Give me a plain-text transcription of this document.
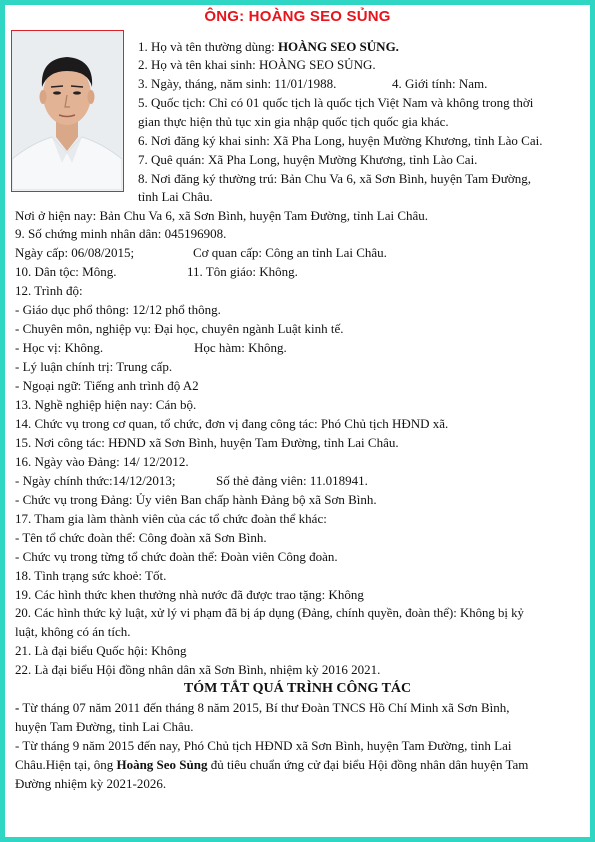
ÔNG: HOÀNG SEO SỦNG
1. Họ và tên thường dùng: HOÀNG SEO SỦNG.
2. Họ và tên khai sinh: HOÀNG SEO SỦNG.
3. Ngày, tháng, năm sinh: 11/01/1988.	4. Giới tính: Nam.
5. Quốc tịch: Chỉ có 01 quốc tịch là quốc tịch Việt Nam và không trong thời
gian thực hiện thủ tục xin gia nhập quốc tịch quốc gia khác.
6. Nơi đăng ký khai sinh: Xã Pha Long, huyện Mường Khương, tỉnh Lào Cai.
7. Quê quán: Xã Pha Long, huyện Mường Khương, tỉnh Lào Cai.
8. Nơi đăng ký thường trú: Bản Chu Va 6, xã Sơn Bình, huyện Tam Đường,
tỉnh Lai Châu.
Nơi ở hiện nay: Bản Chu Va 6, xã Sơn Bình, huyện Tam Đường, tỉnh Lai Châu.
9. Số chứng minh nhân dân: 045196908.
Ngày cấp: 06/08/2015;	Cơ quan cấp: Công an tỉnh Lai Châu.
10. Dân tộc: Mông.	11. Tôn giáo: Không.
12. Trình độ:
- Giáo dục phổ thông: 12/12 phổ thông.
- Chuyên môn, nghiệp vụ: Đại học, chuyên ngành Luật kinh tế.
- Học vị: Không.	Học hàm: Không.
- Lý luận chính trị: Trung cấp.
- Ngoại ngữ: Tiếng anh trình độ A2
13. Nghề nghiệp hiện nay: Cán bộ.
14. Chức vụ trong cơ quan, tổ chức, đơn vị đang công tác: Phó Chủ tịch HĐND xã.
15. Nơi công tác: HĐND xã Sơn Bình, huyện Tam Đường, tỉnh Lai Châu.
16. Ngày vào Đảng: 14/ 12/2012.
- Ngày chính thức:14/12/2013;	Số thẻ đảng viên: 11.018941.
- Chức vụ trong Đảng: Ủy viên Ban chấp hành Đảng bộ xã Sơn Bình.
17. Tham gia làm thành viên của các tổ chức đoàn thể khác:
- Tên tổ chức đoàn thể: Công đoàn xã Sơn Bình.
- Chức vụ trong từng tổ chức đoàn thể: Đoàn viên Công đoàn.
18. Tình trạng sức khoẻ: Tốt.
19. Các hình thức khen thưởng nhà nước đã được trao tặng: Không
20. Các hình thức kỷ luật, xử lý vi phạm đã bị áp dụng (Đảng, chính quyền, đoàn thể): Không bị kỷ
luật, không có án tích.
21. Là đại biểu Quốc hội: Không
22. Là đại biểu Hội đồng nhân dân xã Sơn Bình, nhiệm kỳ 2016 2021.
TÓM TẮT QUÁ TRÌNH CÔNG TÁC
- Từ tháng 07 năm 2011 đến tháng 8 năm 2015, Bí thư Đoàn TNCS Hồ Chí Minh xã Sơn Bình,
huyện Tam Đường, tỉnh Lai Châu.
- Từ tháng 9 năm 2015 đến nay, Phó Chủ tịch HĐND xã Sơn Bình, huyện Tam Đường, tỉnh Lai
Châu.Hiện tại, ông Hoàng Seo Sủng đủ tiêu chuẩn ứng cử đại biểu Hội đồng nhân dân huyện Tam
Đường nhiệm kỳ 2021-2026.
